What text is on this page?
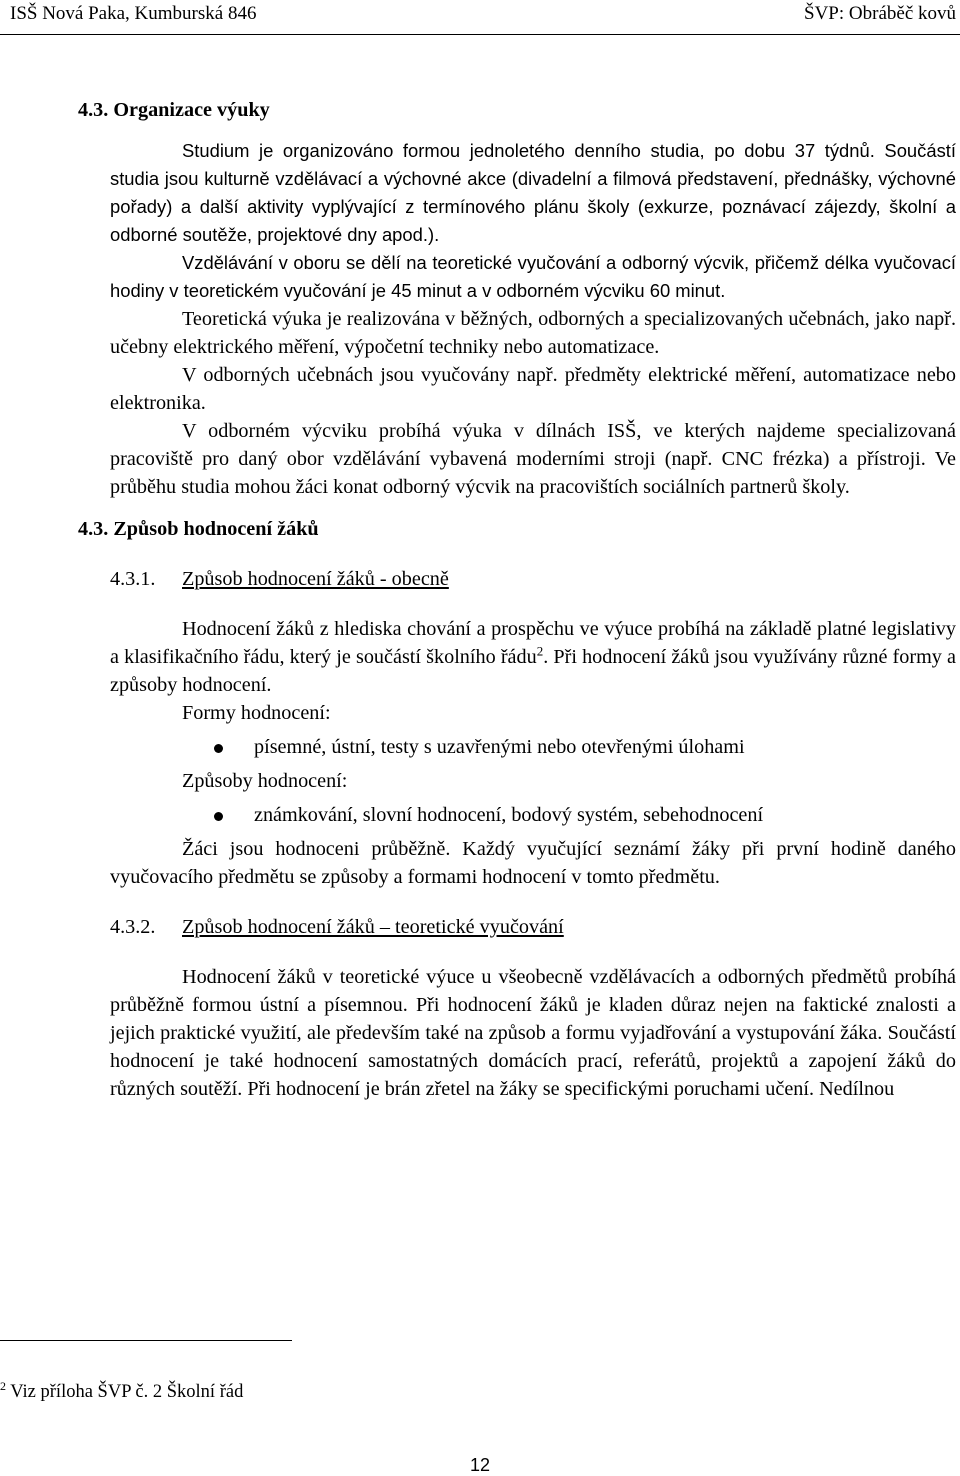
ISŠ Nová Paka, Kumburská 846	ŠVP: Obráběč kovů
4.3. Organizace výuky

Studium je organizováno formou jednoletého denního studia, po dobu 37 týdnů. Součástí studia jsou kulturně vzdělávací a výchovné akce (divadelní a filmová představení, přednášky, výchovné pořady) a další aktivity vyplývající z termínového plánu školy (exkurze, poznávací zájezdy, školní a odborné soutěže, projektové dny apod.).

Vzdělávání v oboru se dělí na teoretické vyučování a odborný výcvik, přičemž délka vyučovací hodiny v teoretickém vyučování je 45 minut a v odborném výcviku 60 minut.

Teoretická výuka je realizována v běžných, odborných a specializovaných učebnách, jako např. učebny elektrického měření, výpočetní techniky nebo automatizace.

V odborných učebnách jsou vyučovány např. předměty elektrické měření, automatizace nebo elektronika.

V odborném výcviku probíhá výuka v dílnách ISŠ, ve kterých najdeme specializovaná pracoviště pro daný obor vzdělávání vybavená moderními stroji (např. CNC frézka) a přístroji. Ve průběhu studia mohou žáci konat odborný výcvik na pracovištích sociálních partnerů školy.

4.3. Způsob hodnocení žáků
4.3.1. Způsob hodnocení žáků - obecně

Hodnocení žáků z hlediska chování a prospěchu ve výuce probíhá na základě platné legislativy a klasifikačního řádu, který je součástí školního řádu$^2$. Při hodnocení žáků jsou využívány různé formy a způsoby hodnocení.

Formy hodnocení:

písemné, ústní, testy s uzavřenými nebo otevřenými úlohami

Způsoby hodnocení:

známkování, slovní hodnocení, bodový systém, sebehodnocení

Žáci jsou hodnoceni průběžně. Každý vyučující seznámí žáky při první hodině daného vyučovacího předmětu se způsoby a formami hodnocení v tomto předmětu.

4.3.2. Způsob hodnocení žáků – teoretické vyučování

Hodnocení žáků v teoretické výuce u všeobecně vzdělávacích a odborných předmětů probíhá průběžně formou ústní a písemnou. Při hodnocení žáků je kladen důraz nejen na faktické znalosti a jejich praktické využití, ale především také na způsob a formu vyjadřování a vystupování žáka. Součástí hodnocení je také hodnocení samostatných domácích prací, referátů, projektů a zapojení žáků do různých soutěží. Při hodnocení je brán zřetel na žáky se specifickými poruchami učení. Nedílnou

$^2$ Viz příloha ŠVP č. 2 Školní řád
12
